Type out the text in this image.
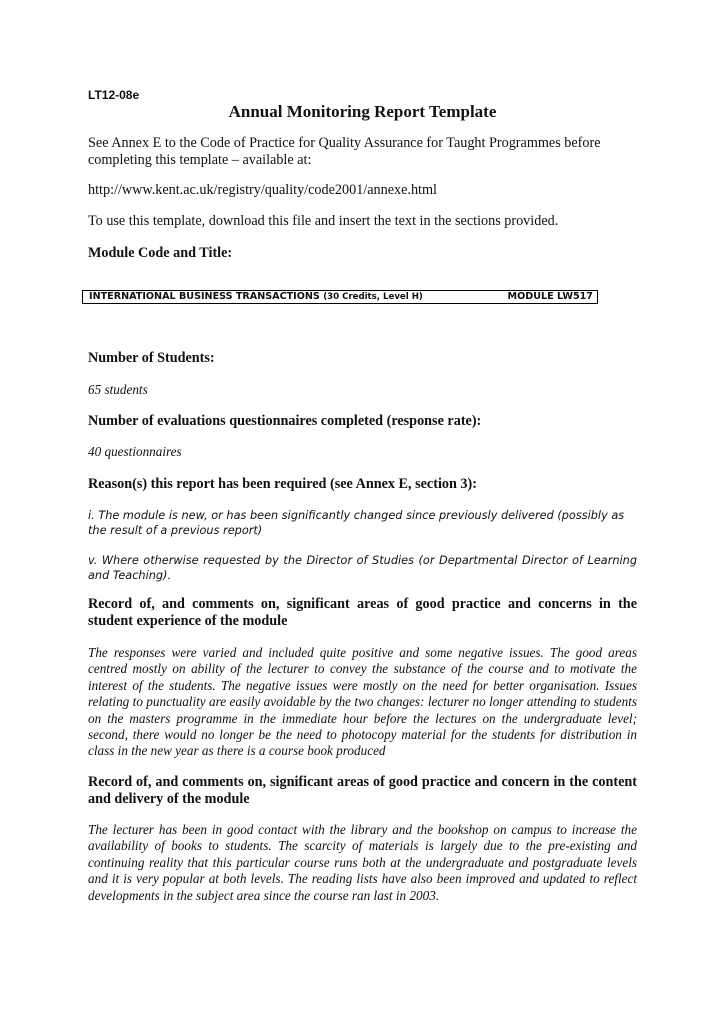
LT12-08e
Annual Monitoring Report Template

See Annex E to the Code of Practice for Quality Assurance for Taught Programmes before completing this template – available at:

http://www.kent.ac.uk/registry/quality/code2001/annexe.html

To use this template, download this file and insert the text in the sections provided.

Module Code and Title:

INTERNATIONAL BUSINESS TRANSACTIONS (30 Credits, Level H)	MODULE LW517

Number of Students:

65 students

Number of evaluations questionnaires completed (response rate):

40 questionnaires

Reason(s) this report has been required (see Annex E, section 3):

i. The module is new, or has been significantly changed since previously delivered (possibly as the result of a previous report)

v. Where otherwise requested by the Director of Studies (or Departmental Director of Learning and Teaching).

Record of, and comments on, significant areas of good practice and concerns in the student experience of the module

The responses were varied and included quite positive and some negative issues. The good areas centred mostly on ability of the lecturer to convey the substance of the course and to motivate the interest of the students. The negative issues were mostly on the need for better organisation. Issues relating to punctuality are easily avoidable by the two changes: lecturer no longer attending to students on the masters programme in the immediate hour before the lectures on the undergraduate level; second, there would no longer be the need to photocopy material for the students for distribution in class in the new year as there is a course book produced

Record of, and comments on, significant areas of good practice and concern in the content and delivery of the module

The lecturer has been in good contact with the library and the bookshop on campus to increase the availability of books to students. The scarcity of materials is largely due to the pre-existing and continuing reality that this particular course runs both at the undergraduate and postgraduate levels and it is very popular at both levels. The reading lists have also been improved and updated to reflect developments in the subject area since the course ran last in 2003.
